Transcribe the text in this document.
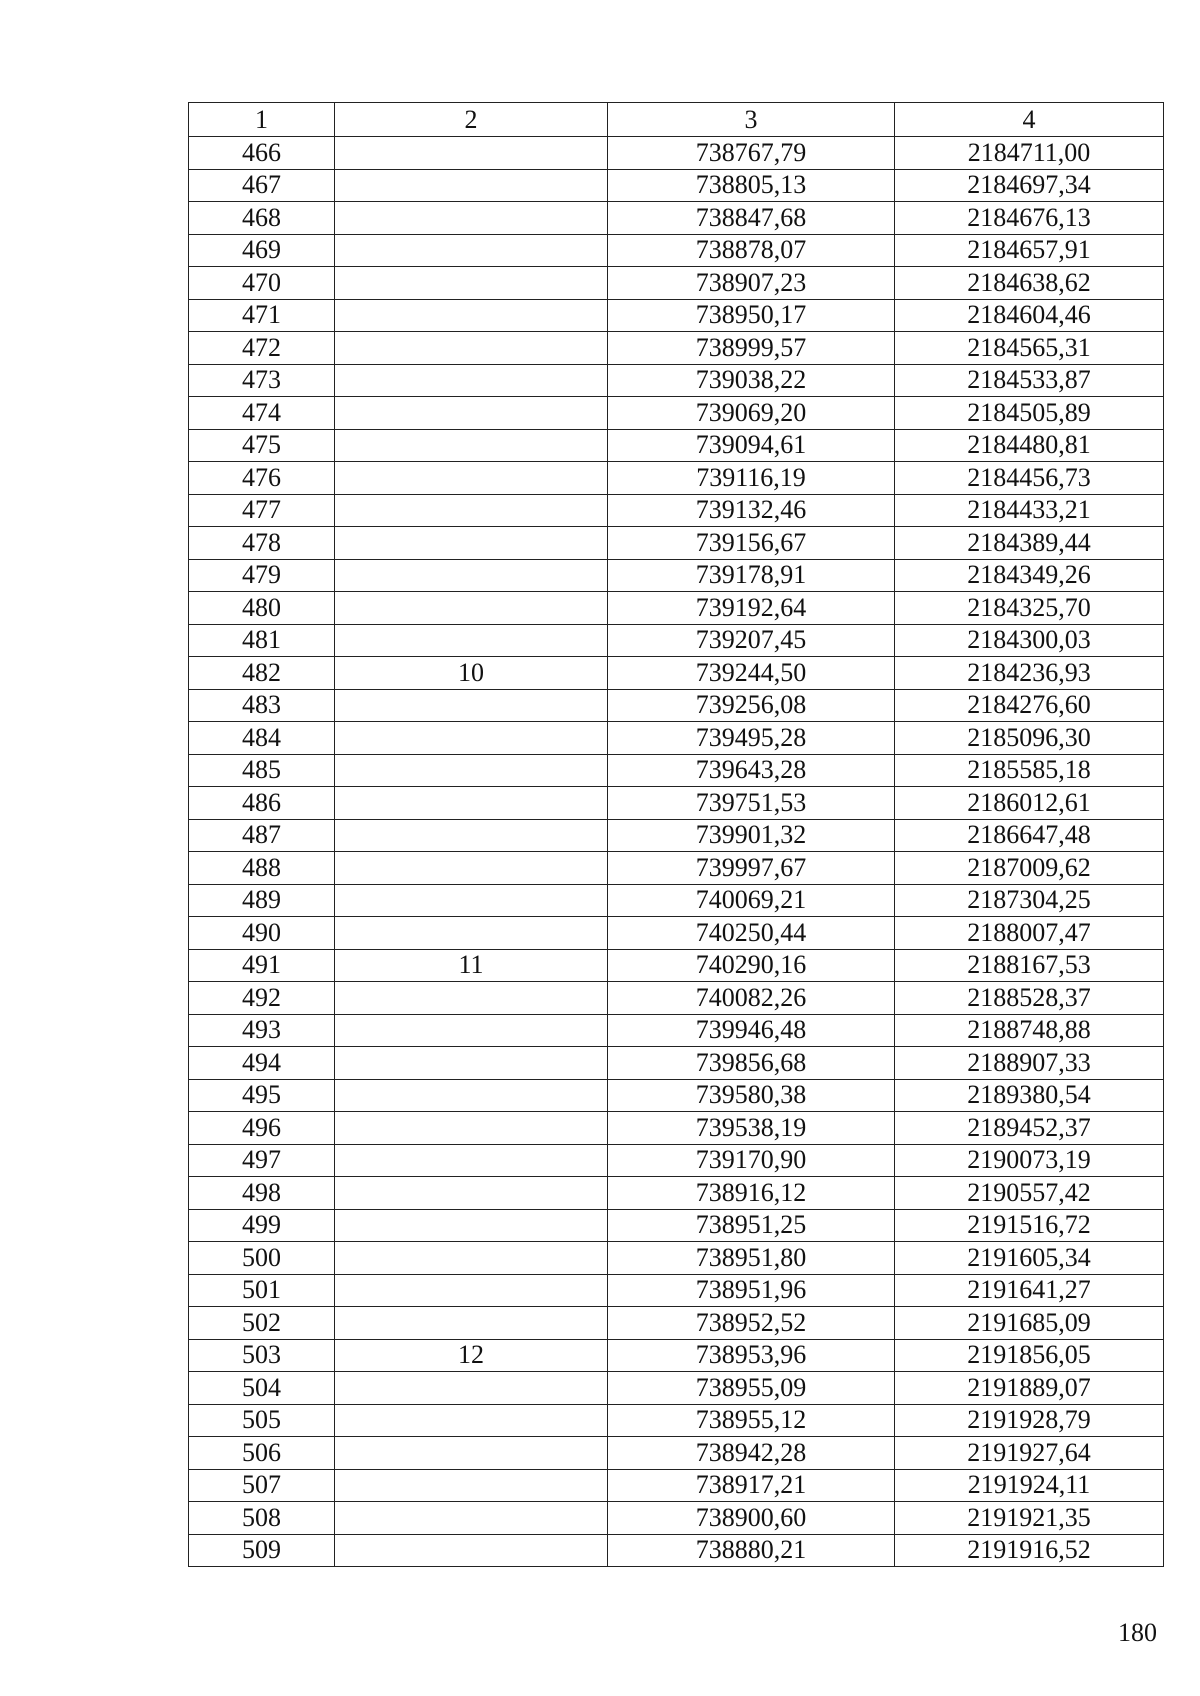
1	2	3	4
466		738767,79	2184711,00
467		738805,13	2184697,34
468		738847,68	2184676,13
469		738878,07	2184657,91
470		738907,23	2184638,62
471		738950,17	2184604,46
472		738999,57	2184565,31
473		739038,22	2184533,87
474		739069,20	2184505,89
475		739094,61	2184480,81
476		739116,19	2184456,73
477		739132,46	2184433,21
478		739156,67	2184389,44
479		739178,91	2184349,26
480		739192,64	2184325,70
481		739207,45	2184300,03
482	10	739244,50	2184236,93
483		739256,08	2184276,60
484		739495,28	2185096,30
485		739643,28	2185585,18
486		739751,53	2186012,61
487		739901,32	2186647,48
488		739997,67	2187009,62
489		740069,21	2187304,25
490		740250,44	2188007,47
491	11	740290,16	2188167,53
492		740082,26	2188528,37
493		739946,48	2188748,88
494		739856,68	2188907,33
495		739580,38	2189380,54
496		739538,19	2189452,37
497		739170,90	2190073,19
498		738916,12	2190557,42
499		738951,25	2191516,72
500		738951,80	2191605,34
501		738951,96	2191641,27
502		738952,52	2191685,09
503	12	738953,96	2191856,05
504		738955,09	2191889,07
505		738955,12	2191928,79
506		738942,28	2191927,64
507		738917,21	2191924,11
508		738900,60	2191921,35
509		738880,21	2191916,52
180
